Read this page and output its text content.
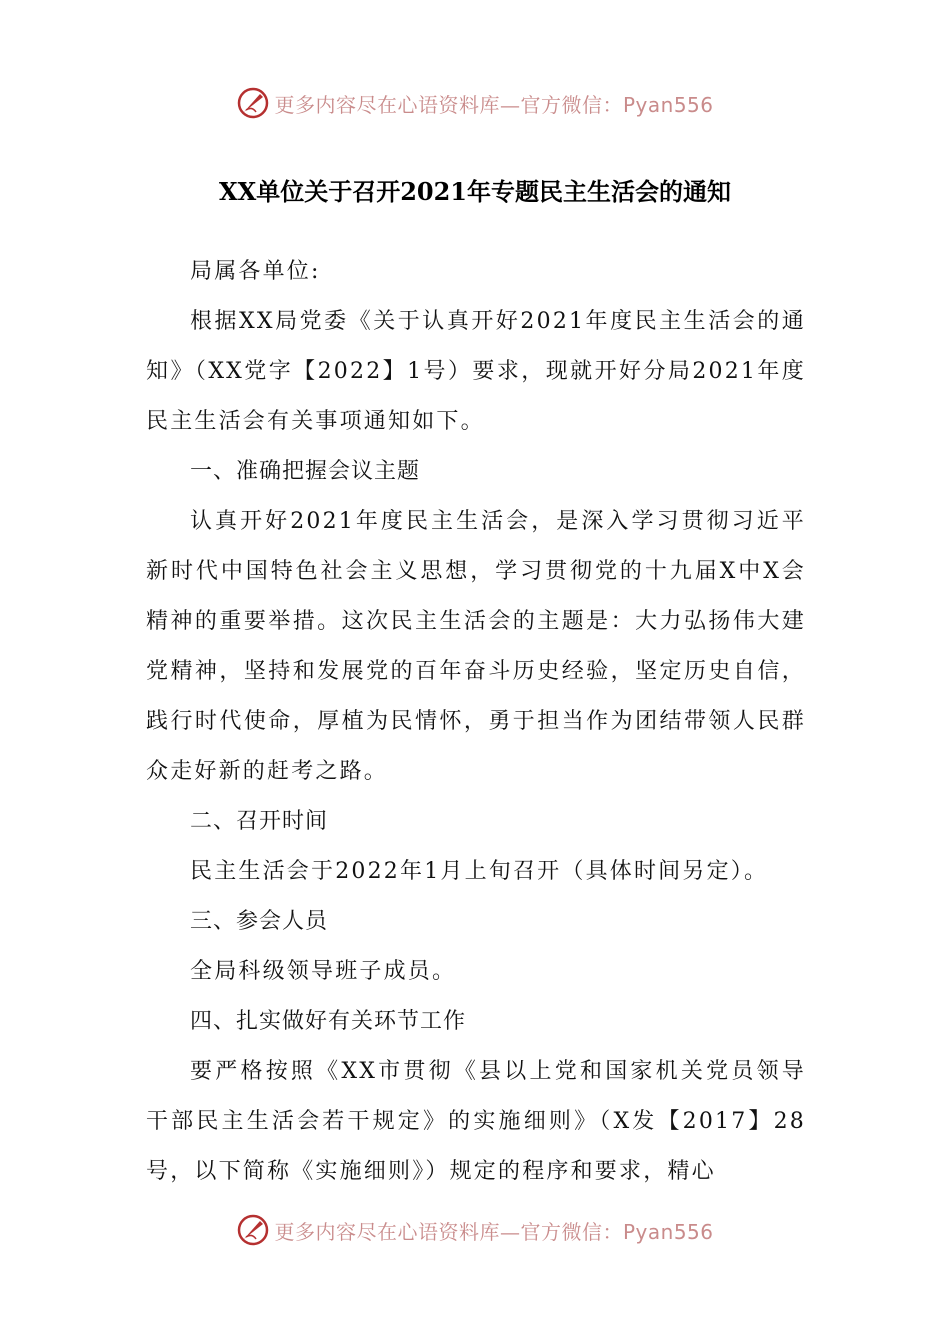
更多内容尽在心语资料库—官方微信：Pyan556
XX单位关于召开2021年专题民主生活会的通知

局属各单位:

根据XX局党委《关于认真开好2021年度民主生活会的通知》（XX党字【2022】1号）要求，现就开好分局2021年度民主生活会有关事项通知如下。

一、准确把握会议主题

认真开好2021年度民主生活会，是深入学习贯彻习近平新时代中国特色社会主义思想，学习贯彻党的十九届X中X会精神的重要举措。这次民主生活会的主题是：大力弘扬伟大建党精神，坚持和发展党的百年奋斗历史经验，坚定历史自信，践行时代使命，厚植为民情怀，勇于担当作为团结带领人民群众走好新的赶考之路。

二、召开时间

民主生活会于2022年1月上旬召开（具体时间另定）。

三、参会人员

全局科级领导班子成员。

四、扎实做好有关环节工作

要严格按照《XX市贯彻《县以上党和国家机关党员领导干部民主生活会若干规定》的实施细则》（X发【2017】28号，以下简称《实施细则》）规定的程序和要求，精心

更多内容尽在心语资料库—官方微信：Pyan556
